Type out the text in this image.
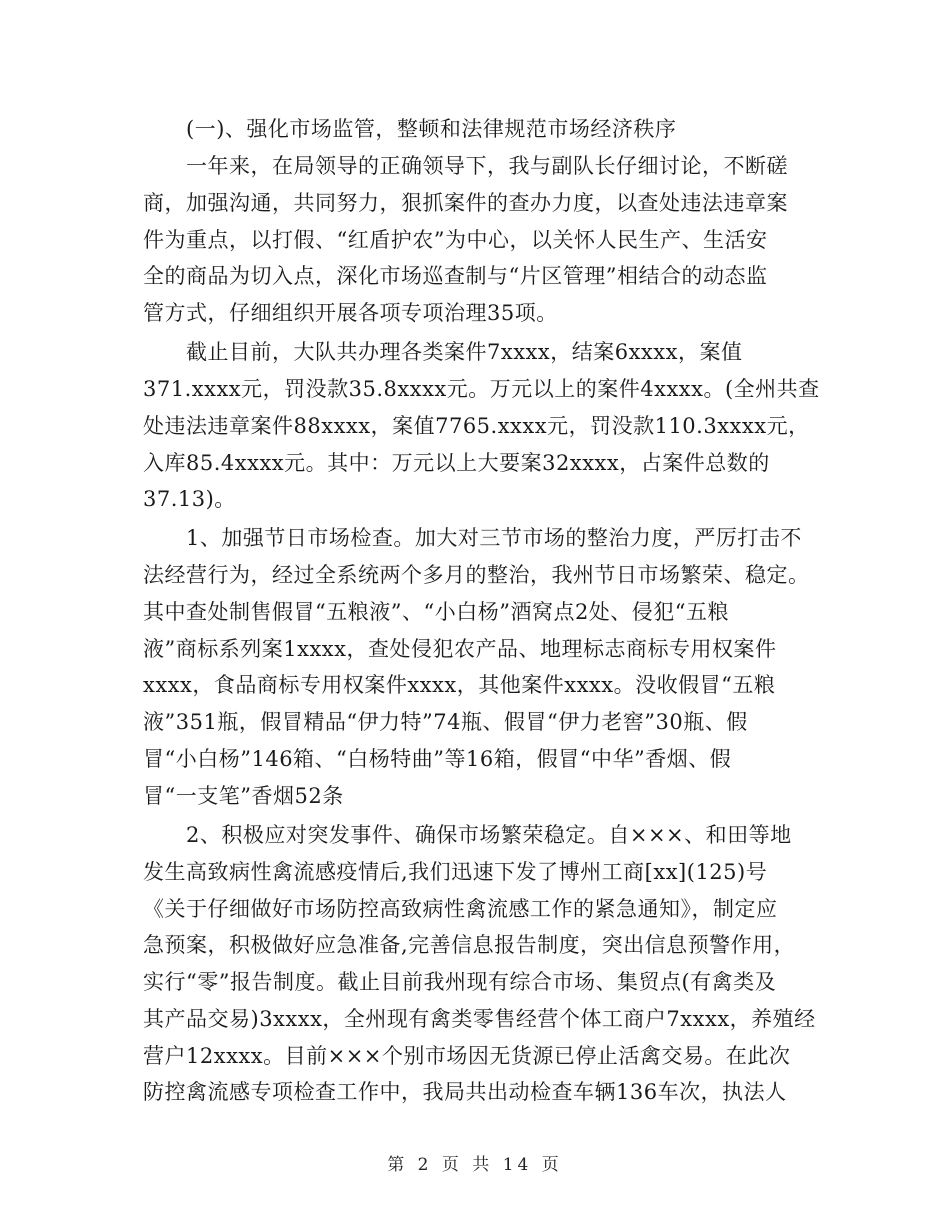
(一)、强化市场监管，整顿和法律规范市场经济秩序
一年来，在局领导的正确领导下，我与副队长仔细讨论，不断磋
商，加强沟通，共同努力，狠抓案件的查办力度，以查处违法违章案
件为重点，以打假、“红盾护农”为中心，以关怀人民生产、生活安
全的商品为切入点，深化市场巡查制与“片区管理”相结合的动态监
管方式，仔细组织开展各项专项治理35项。
截止目前，大队共办理各类案件7xxxx，结案6xxxx，案值
371.xxxx元，罚没款35.8xxxx元。万元以上的案件4xxxx。(全州共查
处违法违章案件88xxxx，案值7765.xxxx元，罚没款110.3xxxx元，
入库85.4xxxx元。其中：万元以上大要案32xxxx，占案件总数的
37.13)。
1、加强节日市场检查。加大对三节市场的整治力度，严厉打击不
法经营行为，经过全系统两个多月的整治，我州节日市场繁荣、稳定。
其中查处制售假冒“五粮液”、“小白杨”酒窝点2处、侵犯“五粮
液”商标系列案1xxxx，查处侵犯农产品、地理标志商标专用权案件
xxxx，食品商标专用权案件xxxx，其他案件xxxx。没收假冒“五粮
液”351瓶，假冒精品“伊力特”74瓶、假冒“伊力老窖”30瓶、假
冒“小白杨”146箱、“白杨特曲”等16箱，假冒“中华”香烟、假
冒“一支笔”香烟52条
2、积极应对突发事件、确保市场繁荣稳定。自×××、和田等地
发生高致病性禽流感疫情后,我们迅速下发了博州工商[xx](125)号
《关于仔细做好市场防控高致病性禽流感工作的紧急通知》，制定应
急预案，积极做好应急准备,完善信息报告制度，突出信息预警作用，
实行“零”报告制度。截止目前我州现有综合市场、集贸点(有禽类及
其产品交易)3xxxx，全州现有禽类零售经营个体工商户7xxxx，养殖经
营户12xxxx。目前×××个别市场因无货源已停止活禽交易。在此次
防控禽流感专项检查工作中，我局共出动检查车辆136车次，执法人
第 2 页 共 14 页
